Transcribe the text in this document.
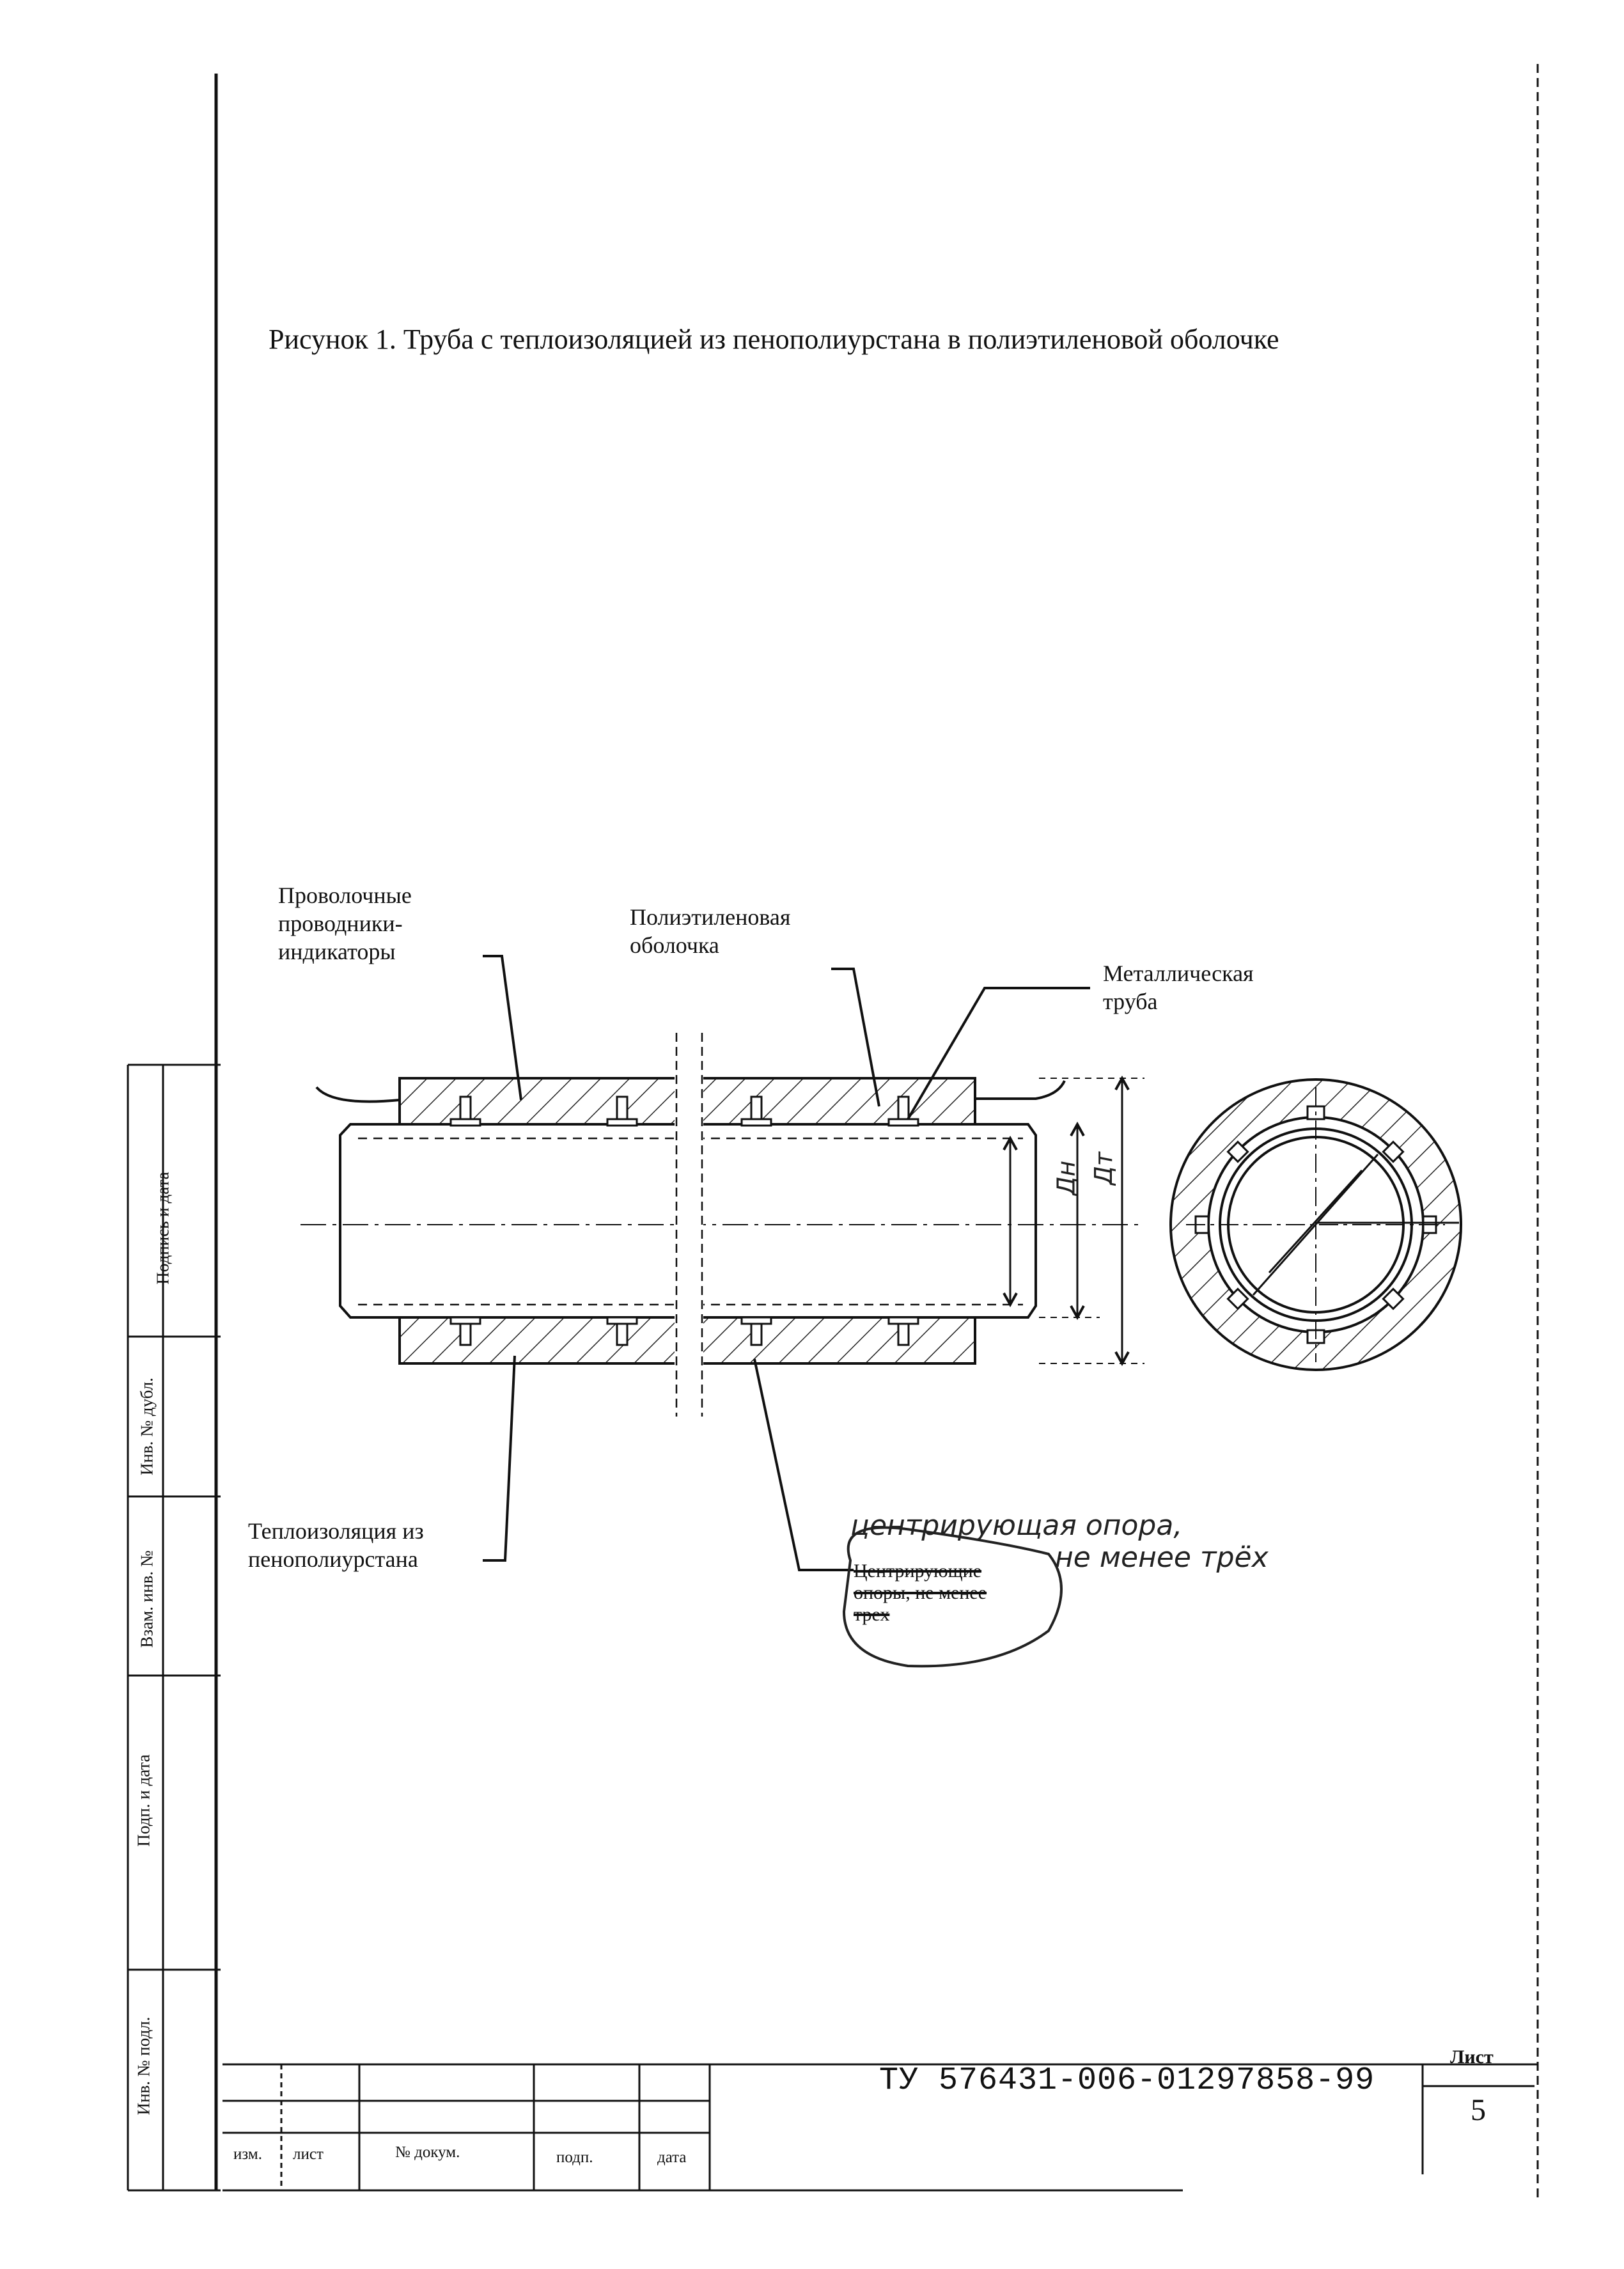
Рисунок 1. Труба с теплоизоляцией из пенополиурстана в полиэтиленовой оболочке
Проволочные
проводники-
индикаторы
Полиэтиленовая
оболочка
Металлическая
труба
Теплоизоляция из
пенополиурстана	Центрирующие
опоры, не менее
трех
центрирующая опора,
не менее трёх
Дн Дт
Подпись и дата
Инв. № дубл.
Взам. инв. №
Подп. и дата
Инв. № подл.
изм. лист	№ докум.	подп.	дата
ТУ 576431-006-01297858-99
Лист
5
